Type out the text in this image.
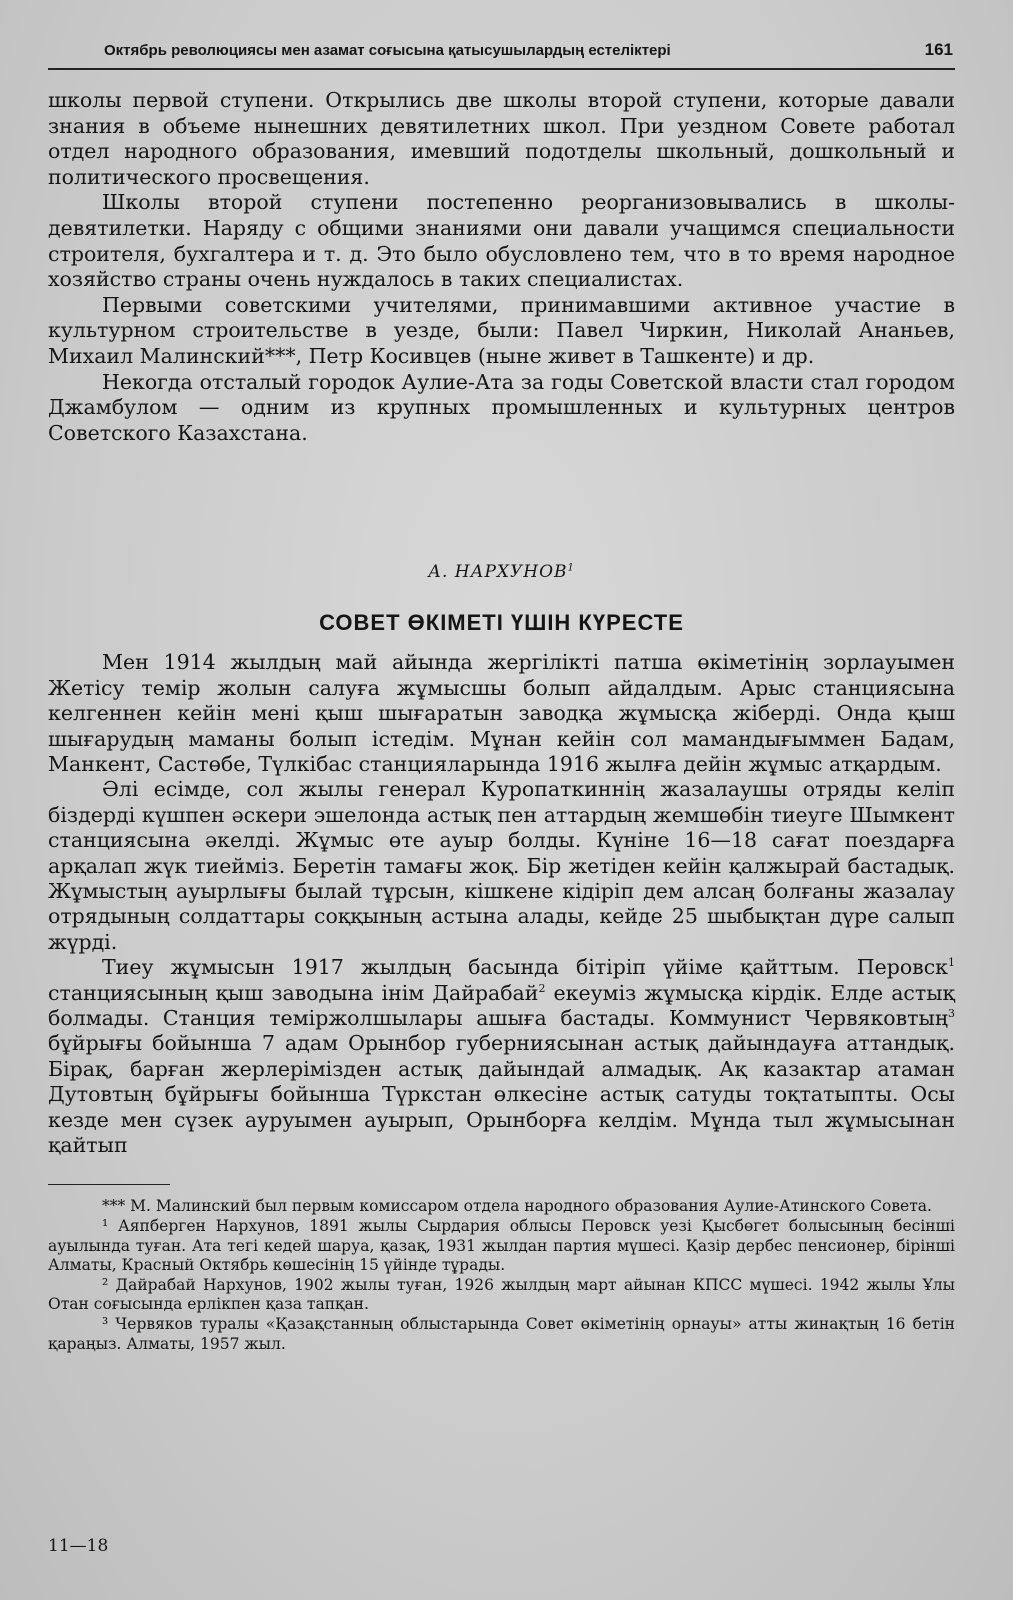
Октябрь революциясы мен азамат соғысына қатысушылардың естеліктері	161

школы первой ступени. Открылись две школы второй ступени, которые давали знания в объеме нынешних девятилетних школ. При уездном Совете работал отдел народного образования, имевший подотделы школьный, дошкольный и политического просвещения.

Школы второй ступени постепенно реорганизовывались в школы-девятилетки. Наряду с общими знаниями они давали учащимся специальности строителя, бухгалтера и т. д. Это было обусловлено тем, что в то время народное хозяйство страны очень нуждалось в таких специалистах.

Первыми советскими учителями, принимавшими активное участие в культурном строительстве в уезде, были: Павел Чиркин, Николай Ананьев, Михаил Малинский***, Петр Косивцев (ныне живет в Ташкенте) и др.

Некогда отсталый городок Аулие-Ата за годы Советской власти стал городом Джамбулом — одним из крупных промышленных и культурных центров Советского Казахстана.

А. НАРХУНОВ$^1$

СОВЕТ ӨКІМЕТІ ҮШІН КҮРЕСТЕ

Мен 1914 жылдың май айында жергілікті патша өкіметінің зорлауымен Жетісу темір жолын салуға жұмысшы болып айдалдым. Арыс станциясына келгеннен кейін мені қыш шығаратын заводқа жұмысқа жіберді. Онда қыш шығарудың маманы болып істедім. Мұнан кейін сол мамандығыммен Бадам, Манкент, Састөбе, Түлкібас станцияларында 1916 жылға дейін жұмыс атқардым.

Әлі есімде, сол жылы генерал Куропаткиннің жазалаушы отряды келіп біздерді күшпен әскери эшелонда астық пен аттардың жемшөбін тиеуге Шымкент станциясына әкелді. Жұмыс өте ауыр болды. Күніне 16—18 сағат поездарға арқалап жүк тиейміз. Беретін тамағы жоқ. Бір жетіден кейін қалжырай бастадық. Жұмыстың ауырлығы былай тұрсын, кішкене кідіріп дем алсаң болғаны жазалау отрядының солдаттары соққының астына алады, кейде 25 шыбықтан дүре салып жүрді.

Тиеу жұмысын 1917 жылдың басында бітіріп үйіме қайттым. Перовск$^1$ станциясының қыш заводына інім Дайрабай$^2$ екеуміз жұмысқа кірдік. Елде астық болмады. Станция теміржолшылары ашыға бастады. Коммунист Червяковтың$^3$ бұйрығы бойынша 7 адам Орынбор губерниясынан астық дайындауға аттандық. Бірақ, барған жерлерімізден астық дайындай алмадық. Ақ казактар атаман Дутовтың бұйрығы бойынша Түркстан өлкесіне астық сатуды тоқтатыпты. Осы кезде мен сүзек ауруымен ауырып, Орынборға келдім. Мұнда тыл жұмысынан қайтып

*** М. Малинский был первым комиссаром отдела народного образования Аулие-Атинского Совета.

¹ Аяпберген Нархунов, 1891 жылы Сырдария облысы Перовск уезі Қысбөгет болысының бесінші ауылында туған. Ата тегі кедей шаруа, қазақ, 1931 жылдан партия мүшесі. Қазір дербес пенсионер, бірінші Алматы, Красный Октябрь көшесінің 15 үйінде тұрады.

² Дайрабай Нархунов, 1902 жылы туған, 1926 жылдың март айынан КПСС мүшесі. 1942 жылы Ұлы Отан соғысында ерлікпен қаза тапқан.

³ Червяков туралы «Қазақстанның облыстарында Совет өкіметінің орнауы» атты жинақтың 16 бетін қараңыз. Алматы, 1957 жыл.

11—18
